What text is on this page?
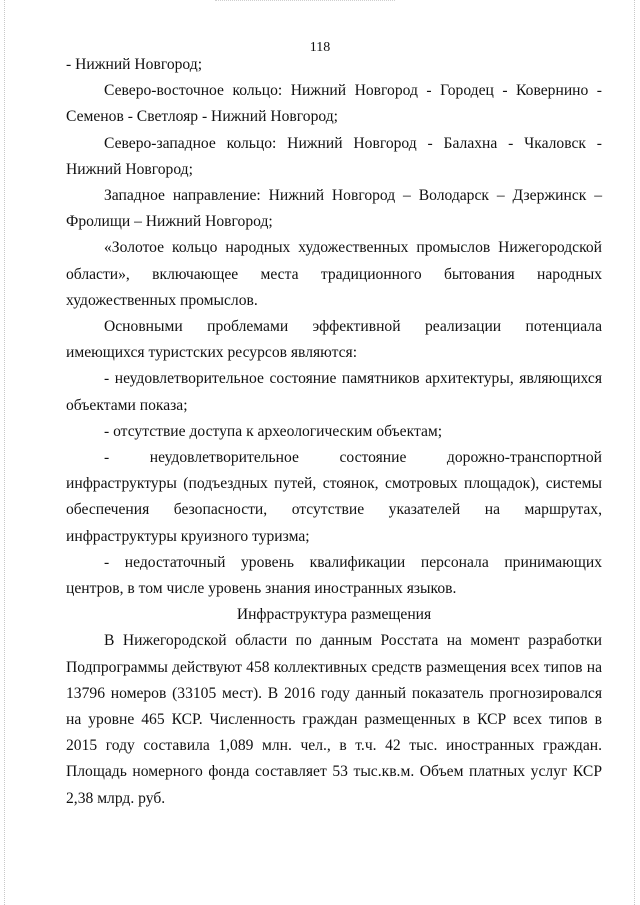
118

- Нижний Новгород;

Северо-восточное кольцо: Нижний Новгород - Городец - Ковернино - Семенов - Светлояр - Нижний Новгород;

Северо-западное кольцо: Нижний Новгород - Балахна - Чкаловск - Нижний Новгород;

Западное направление: Нижний Новгород – Володарск – Дзержинск – Фролищи – Нижний Новгород;

«Золотое кольцо народных художественных промыслов Нижегородской области», включающее места традиционного бытования народных художественных промыслов.

Основными проблемами эффективной реализации потенциала имеющихся туристских ресурсов являются:

- неудовлетворительное состояние памятников архитектуры, являющихся объектами показа;

- отсутствие доступа к археологическим объектам;

- неудовлетворительное состояние дорожно-транспортной инфраструктуры (подъездных путей, стоянок, смотровых площадок), системы обеспечения безопасности, отсутствие указателей на маршрутах, инфраструктуры круизного туризма;

- недостаточный уровень квалификации персонала принимающих центров, в том числе уровень знания иностранных языков.

Инфраструктура размещения

В Нижегородской области по данным Росстата на момент разработки Подпрограммы действуют 458 коллективных средств размещения всех типов на 13796 номеров (33105 мест). В 2016 году данный показатель прогнозировался на уровне 465 КСР. Численность граждан размещенных в КСР всех типов в 2015 году составила 1,089 млн. чел., в т.ч. 42 тыс. иностранных граждан. Площадь номерного фонда составляет 53 тыс.кв.м. Объем платных услуг КСР 2,38 млрд. руб.
